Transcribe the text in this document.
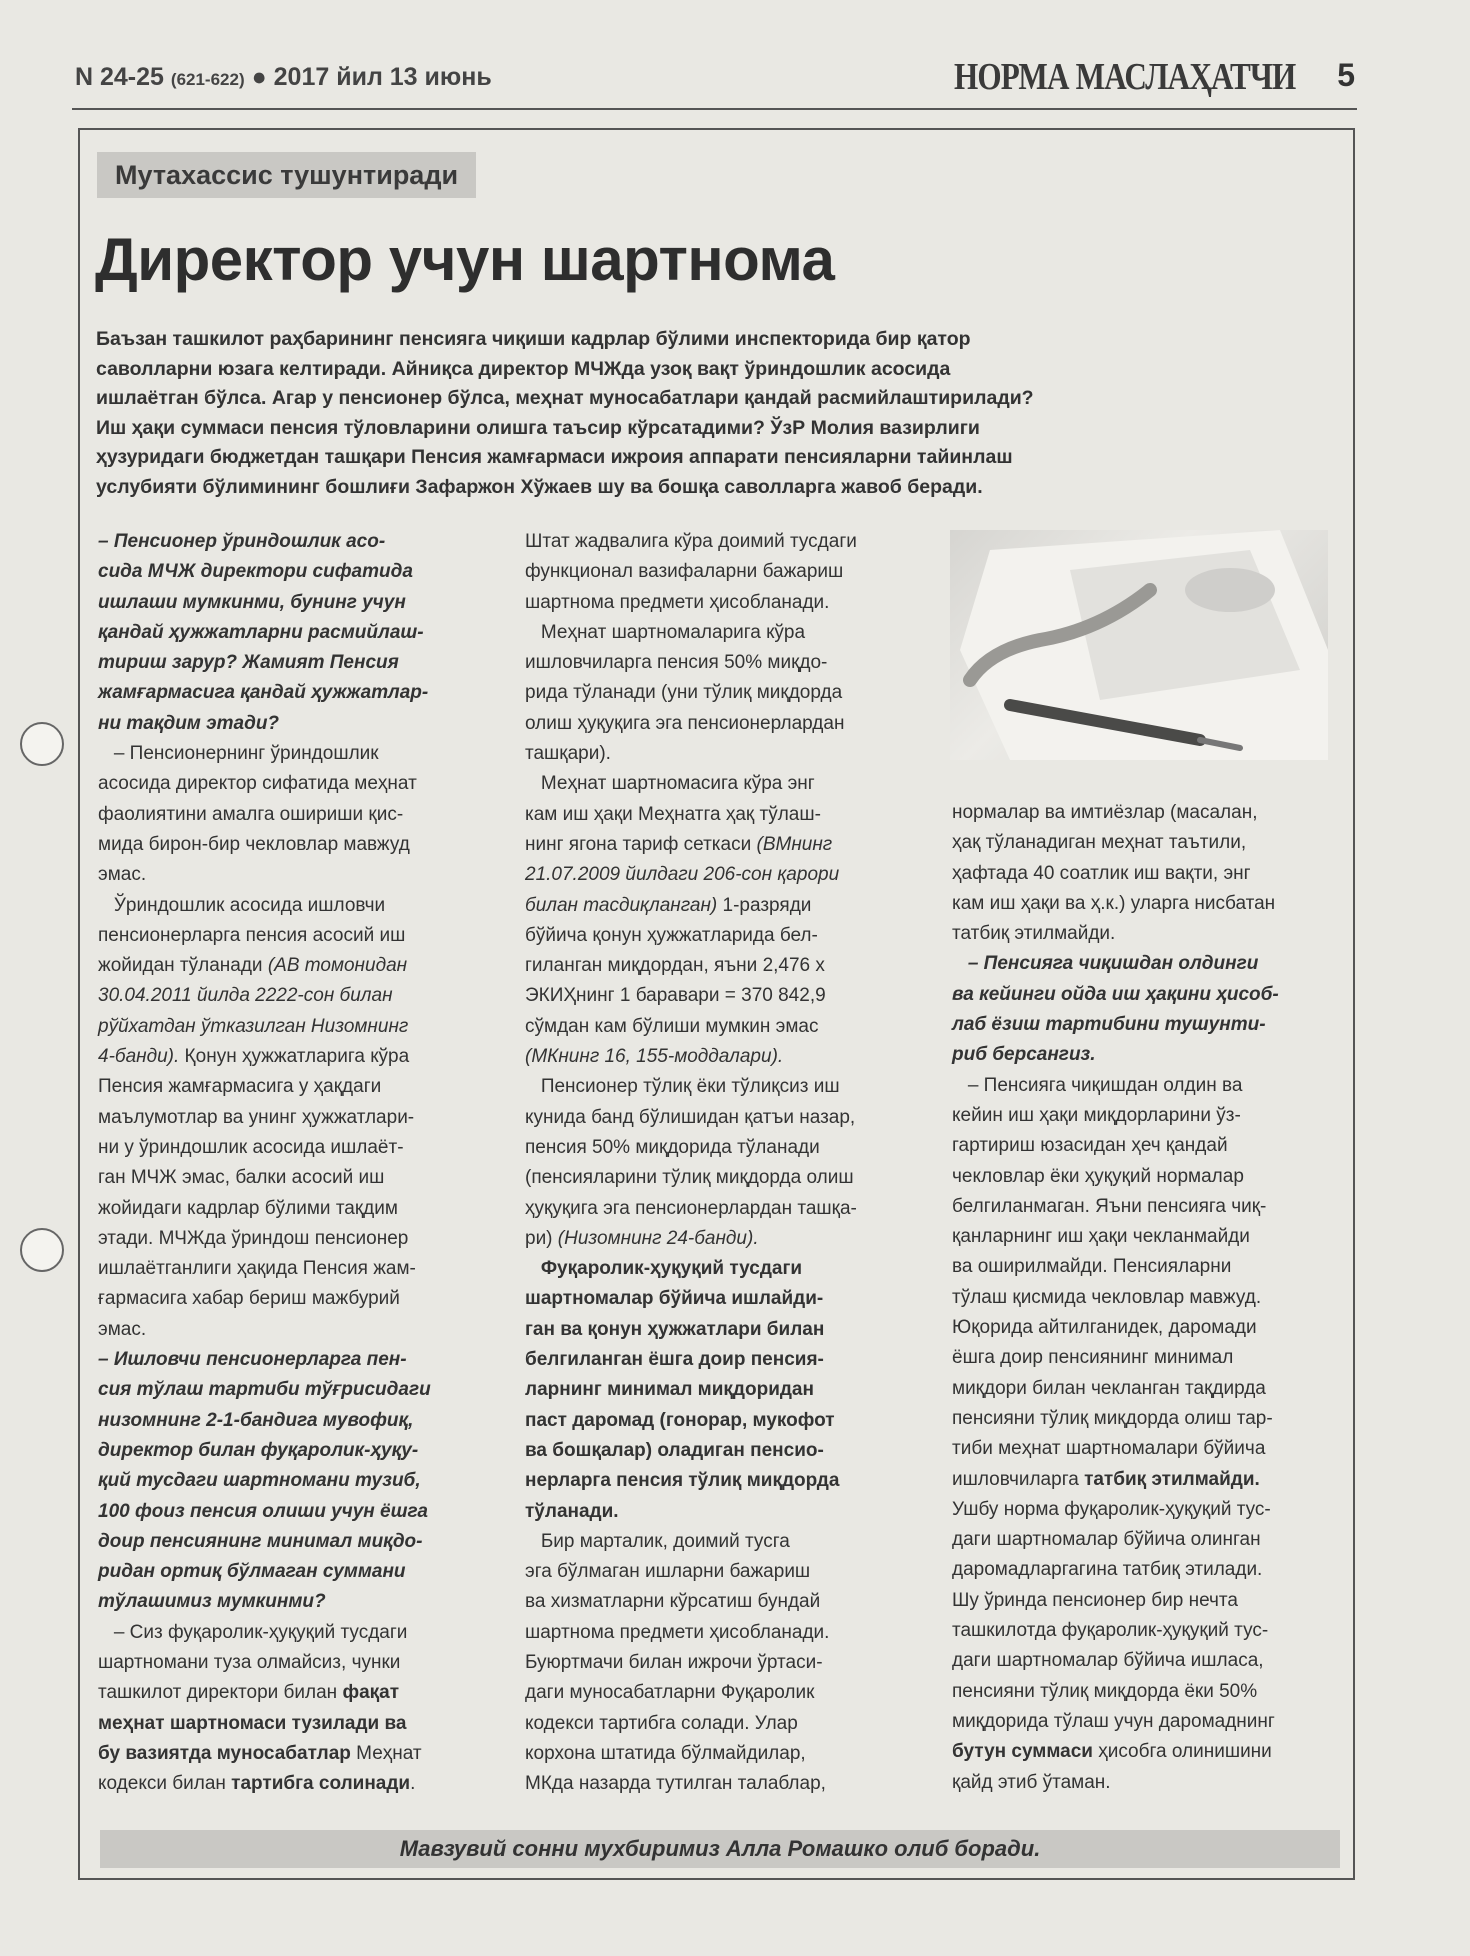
N 24-25 (621-622) ● 2017 йил 13 июнь	НОРМА МАСЛАҲАТЧИ 5
Мутахассис тушунтиради
Директор учун шартнома
Баъзан ташкилот раҳбарининг пенсияга чиқиши кадрлар бўлими инспекторида бир қатор
саволларни юзага келтиради. Айниқса директор МЧЖда узоқ вақт ўриндошлик асосида
ишлаётган бўлса. Агар у пенсионер бўлса, меҳнат муносабатлари қандай расмийлаштирилади?
Иш ҳақи суммаси пенсия тўловларини олишга таъсир кўрсатадими? ЎзР Молия вазирлиги
ҳузуридаги бюджетдан ташқари Пенсия жамғармаси ижроия аппарати пенсияларни тайинлаш
услубияти бўлимининг бошлиғи Зафаржон Хўжаев шу ва бошқа саволларга жавоб беради.
– Пенсионер ўриндошлик асо-
сида МЧЖ директори сифатида
ишлаши мумкинми, бунинг учун
қандай ҳужжатларни расмийлаш-
тириш зарур? Жамият Пенсия
жамғармасига қандай ҳужжатлар-
ни тақдим этади?
– Пенсионернинг ўриндошлик
асосида директор сифатида меҳнат
фаолиятини амалга ошириши қис-
мида бирон-бир чекловлар мавжуд
эмас.
Ўриндошлик асосида ишловчи
пенсионерларга пенсия асосий иш
жойидан тўланади (АВ томонидан
30.04.2011 йилда 2222-сон билан
рўйхатдан ўтказилган Низомнинг
4-банди). Қонун ҳужжатларига кўра
Пенсия жамғармасига у ҳақдаги
маълумотлар ва унинг ҳужжатлари-
ни у ўриндошлик асосида ишлаёт-
ган МЧЖ эмас, балки асосий иш
жойидаги кадрлар бўлими тақдим
этади. МЧЖда ўриндош пенсионер
ишлаётганлиги ҳақида Пенсия жам-
ғармасига хабар бериш мажбурий
эмас.
– Ишловчи пенсионерларга пен-
сия тўлаш тартиби тўғрисидаги
низомнинг 2-1-бандига мувофиқ,
директор билан фуқаролик-ҳуқу-
қий тусдаги шартномани тузиб,
100 фоиз пенсия олиши учун ёшга
доир пенсиянинг минимал миқдо-
ридан ортиқ бўлмаган суммани
тўлашимиз мумкинми?
– Сиз фуқаролик-ҳуқуқий тусдаги
шартномани туза олмайсиз, чунки
ташкилот директори билан фақат
меҳнат шартномаси тузилади ва
бу вазиятда муносабатлар Меҳнат
кодекси билан тартибга солинади.
Штат жадвалига кўра доимий тусдаги
функционал вазифаларни бажариш
шартнома предмети ҳисобланади.
Меҳнат шартномаларига кўра
ишловчиларга пенсия 50% миқдо-
рида тўланади (уни тўлиқ миқдорда
олиш ҳуқуқига эга пенсионерлардан
ташқари).
Меҳнат шартномасига кўра энг
кам иш ҳақи Меҳнатга ҳақ тўлаш-
нинг ягона тариф сеткаси (ВМнинг
21.07.2009 йилдаги 206-сон қарори
билан тасдиқланган) 1-разряди
бўйича қонун ҳужжатларида бел-
гиланган миқдордан, яъни 2,476 х
ЭКИҲнинг 1 баравари = 370 842,9
сўмдан кам бўлиши мумкин эмас
(МКнинг 16, 155-моддалари).
Пенсионер тўлиқ ёки тўлиқсиз иш
кунида банд бўлишидан қатъи назар,
пенсия 50% миқдорида тўланади
(пенсияларини тўлиқ миқдорда олиш
ҳуқуқига эга пенсионерлардан ташқа-
ри) (Низомнинг 24-банди).
Фуқаролик-ҳуқуқий тусдаги
шартномалар бўйича ишлайди-
ган ва қонун ҳужжатлари билан
белгиланган ёшга доир пенсия-
ларнинг минимал миқдоридан
паст даромад (гонорар, мукофот
ва бошқалар) оладиган пенсио-
нерларга пенсия тўлиқ миқдорда
тўланади.
Бир марталик, доимий тусга
эга бўлмаган ишларни бажариш
ва хизматларни кўрсатиш бундай
шартнома предмети ҳисобланади.
Буюртмачи билан ижрочи ўртаси-
даги муносабатларни Фуқаролик
кодекси тартибга солади. Улар
корхона штатида бўлмайдилар,
МКда назарда тутилган талаблар,
нормалар ва имтиёзлар (масалан,
ҳақ тўланадиган меҳнат таътили,
ҳафтада 40 соатлик иш вақти, энг
кам иш ҳақи ва ҳ.к.) уларга нисбатан
татбиқ этилмайди.
– Пенсияга чиқишдан олдинги
ва кейинги ойда иш ҳақини ҳисоб-
лаб ёзиш тартибини тушунти-
риб берсангиз.
– Пенсияга чиқишдан олдин ва
кейин иш ҳақи миқдорларини ўз-
гартириш юзасидан ҳеч қандай
чекловлар ёки ҳуқуқий нормалар
белгиланмаган. Яъни пенсияга чиқ-
қанларнинг иш ҳақи чекланмайди
ва оширилмайди. Пенсияларни
тўлаш қисмида чекловлар мавжуд.
Юқорида айтилганидек, даромади
ёшга доир пенсиянинг минимал
миқдори билан чекланган тақдирда
пенсияни тўлиқ миқдорда олиш тар-
тиби меҳнат шартномалари бўйича
ишловчиларга татбиқ этилмайди.
Ушбу норма фуқаролик-ҳуқуқий тус-
даги шартномалар бўйича олинган
даромадларгагина татбиқ этилади.
Шу ўринда пенсионер бир нечта
ташкилотда фуқаролик-ҳуқуқий тус-
даги шартномалар бўйича ишласа,
пенсияни тўлиқ миқдорда ёки 50%
миқдорида тўлаш учун даромаднинг
бутун суммаси ҳисобга олинишини
қайд этиб ўтаман.
Мавзувий сонни мухбиримиз Алла Ромашко олиб боради.
